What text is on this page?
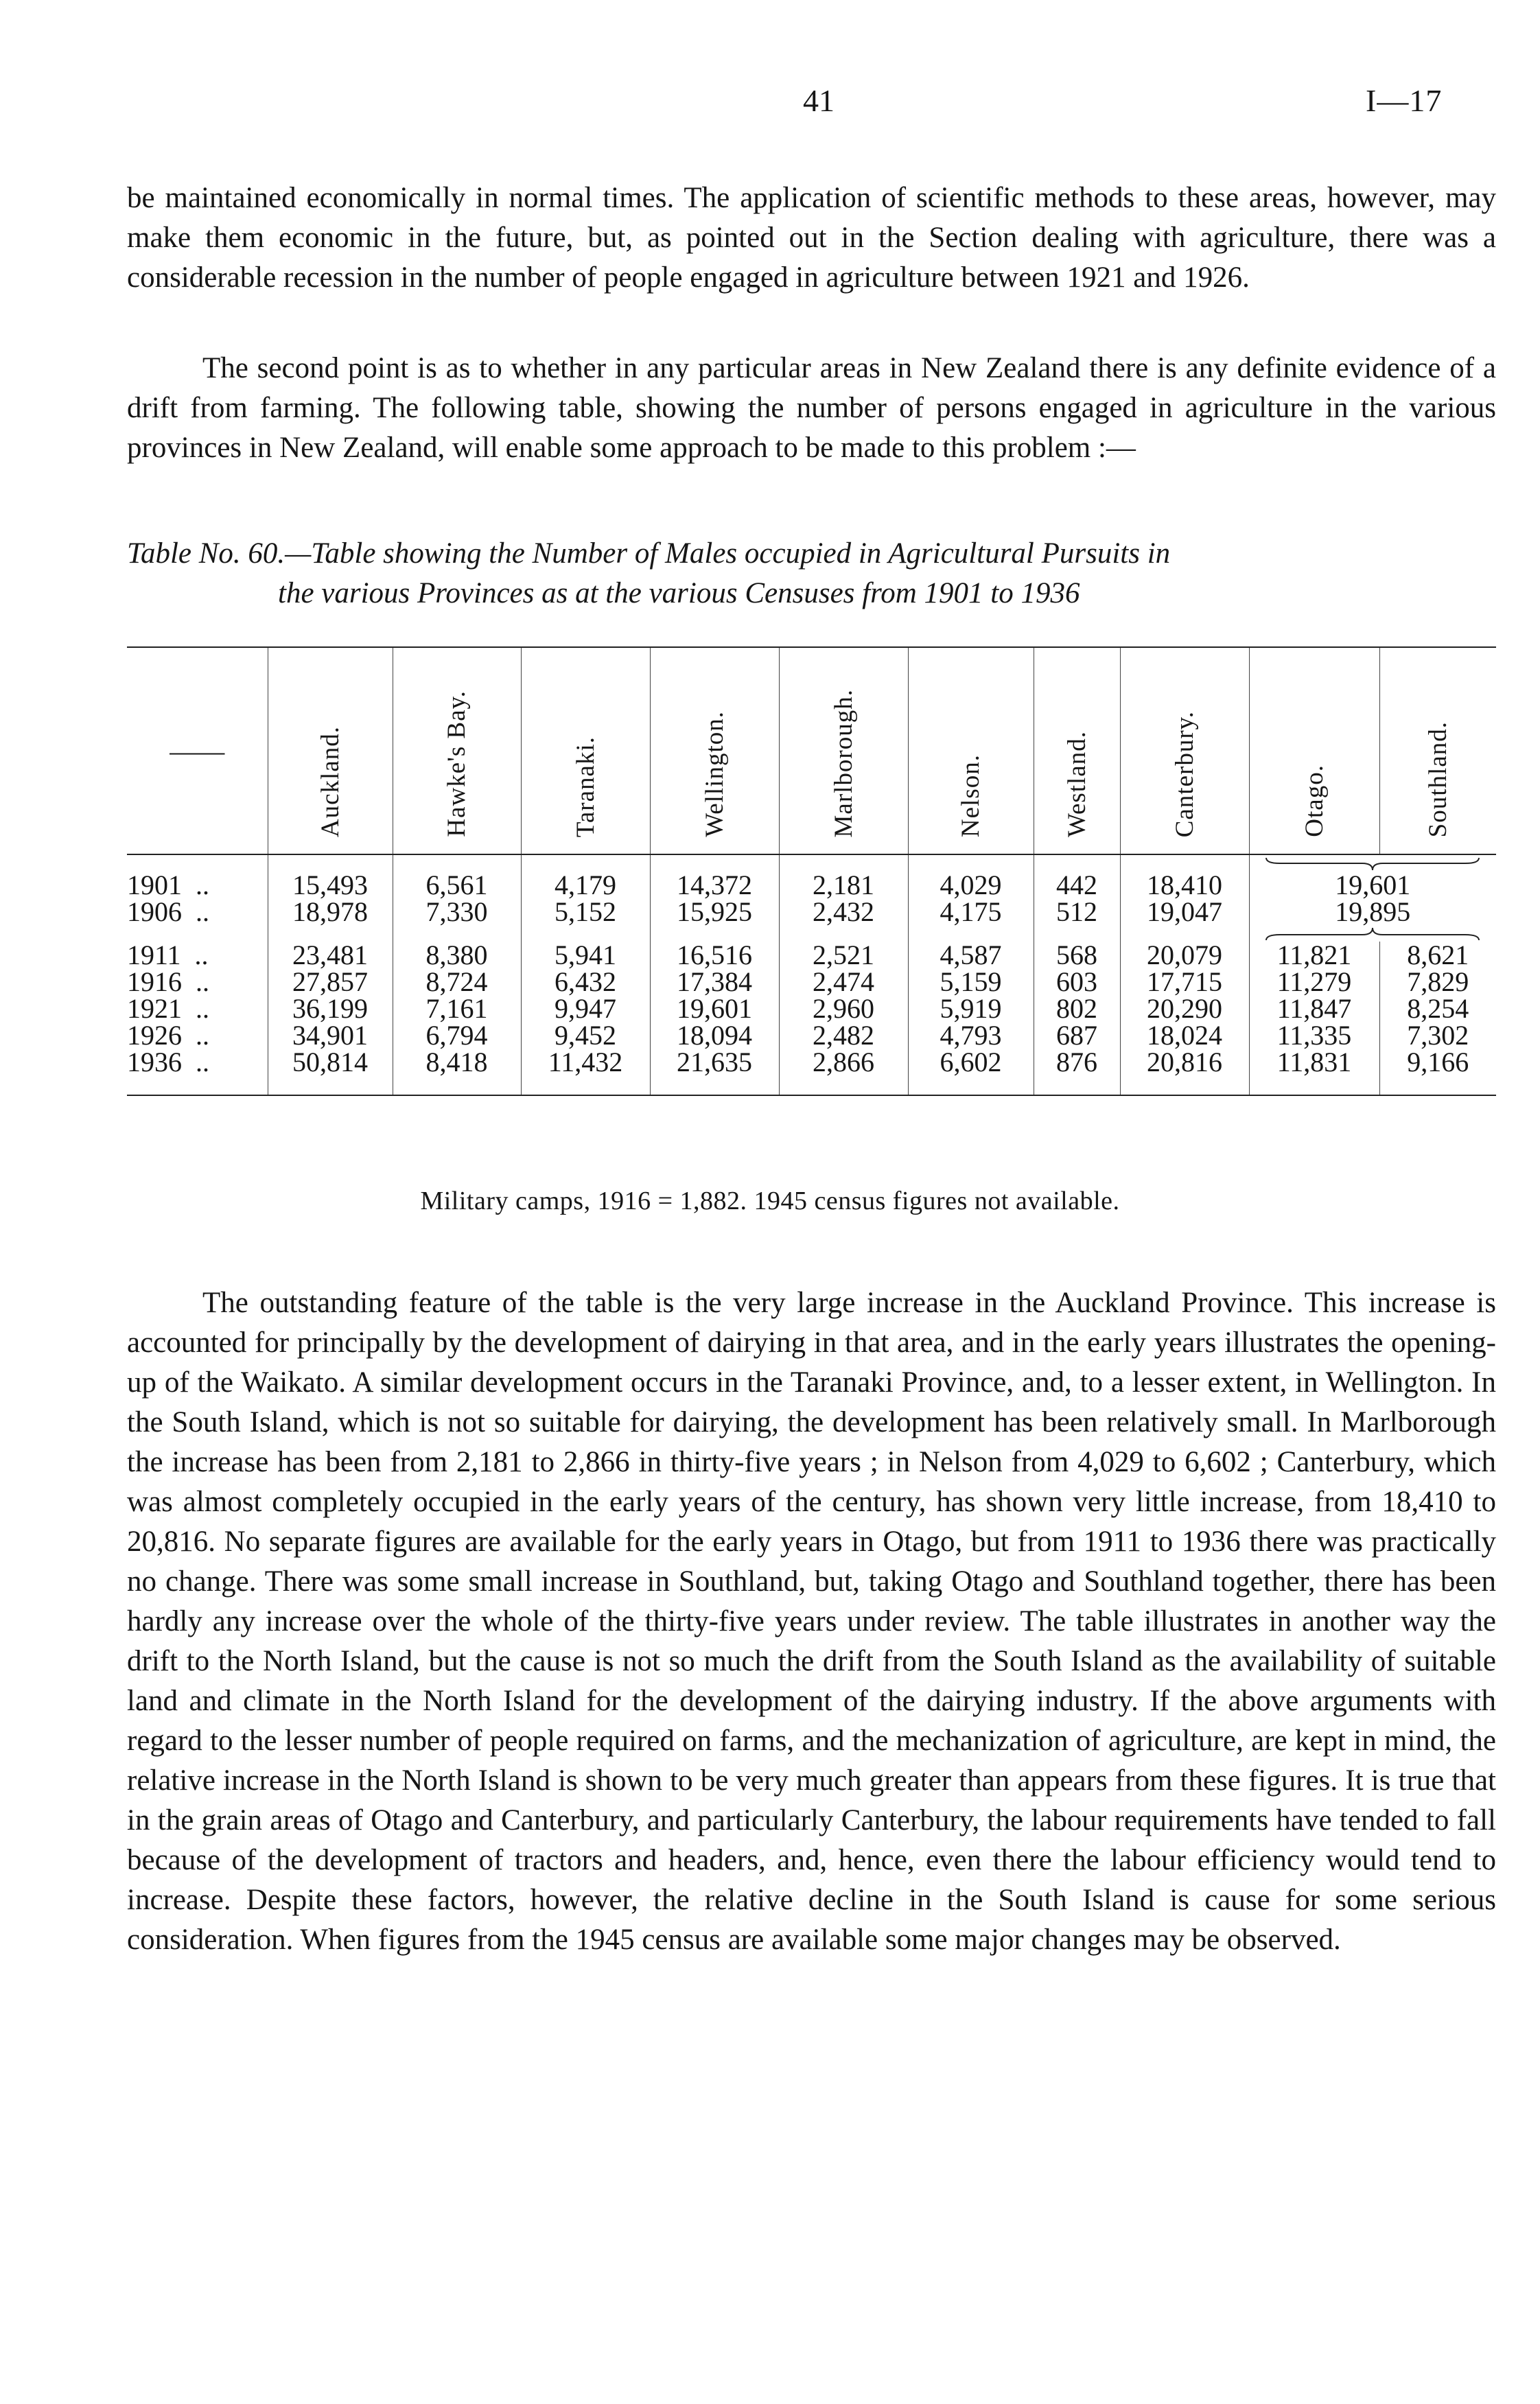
41	I—17

be maintained economically in normal times. The application of scientific methods to these areas, however, may make them economic in the future, but, as pointed out in the Section dealing with agriculture, there was a considerable recession in the number of people engaged in agriculture between 1921 and 1926.

The second point is as to whether in any particular areas in New Zealand there is any definite evidence of a drift from farming. The following table, showing the number of persons engaged in agriculture in the various provinces in New Zealand, will enable some approach to be made to this problem :—

Table No. 60.—Table showing the Number of Males occupied in Agricultural Pursuits in
the various Provinces as at the various Censuses from 1901 to 1936

——	Auckland.	Hawke's Bay.	Taranaki.	Wellington.	Marlborough.	Nelson.	Westland.	Canterbury.	Otago.	Southland.

1901 ..	15,493	6,561	4,179	14,372	2,181	4,029	442	18,410	19,601	
1906 ..	18,978	7,330	5,152	15,925	2,432	4,175	512	19,047	19,895	

1911 ..	23,481	8,380	5,941	16,516	2,521	4,587	568	20,079	11,821	8,621
1916 ..	27,857	8,724	6,432	17,384	2,474	5,159	603	17,715	11,279	7,829
1921 ..	36,199	7,161	9,947	19,601	2,960	5,919	802	20,290	11,847	8,254
1926 ..	34,901	6,794	9,452	18,094	2,482	4,793	687	18,024	11,335	7,302
1936 ..	50,814	8,418	11,432	21,635	2,866	6,602	876	20,816	11,831	9,166
Military camps, 1916 = 1,882. 1945 census figures not available.

The outstanding feature of the table is the very large increase in the Auckland Province. This increase is accounted for principally by the development of dairying in that area, and in the early years illustrates the opening-up of the Waikato. A similar development occurs in the Taranaki Province, and, to a lesser extent, in Wellington. In the South Island, which is not so suitable for dairying, the development has been relatively small. In Marlborough the increase has been from 2,181 to 2,866 in thirty-five years ; in Nelson from 4,029 to 6,602 ; Canterbury, which was almost completely occupied in the early years of the century, has shown very little increase, from 18,410 to 20,816. No separate figures are available for the early years in Otago, but from 1911 to 1936 there was practically no change. There was some small increase in Southland, but, taking Otago and Southland together, there has been hardly any increase over the whole of the thirty-five years under review. The table illustrates in another way the drift to the North Island, but the cause is not so much the drift from the South Island as the availability of suitable land and climate in the North Island for the development of the dairying industry. If the above arguments with regard to the lesser number of people required on farms, and the mechanization of agriculture, are kept in mind, the relative increase in the North Island is shown to be very much greater than appears from these figures. It is true that in the grain areas of Otago and Canterbury, and particularly Canterbury, the labour requirements have tended to fall because of the development of tractors and headers, and, hence, even there the labour efficiency would tend to increase. Despite these factors, however, the relative decline in the South Island is cause for some serious consideration. When figures from the 1945 census are available some major changes may be observed.
